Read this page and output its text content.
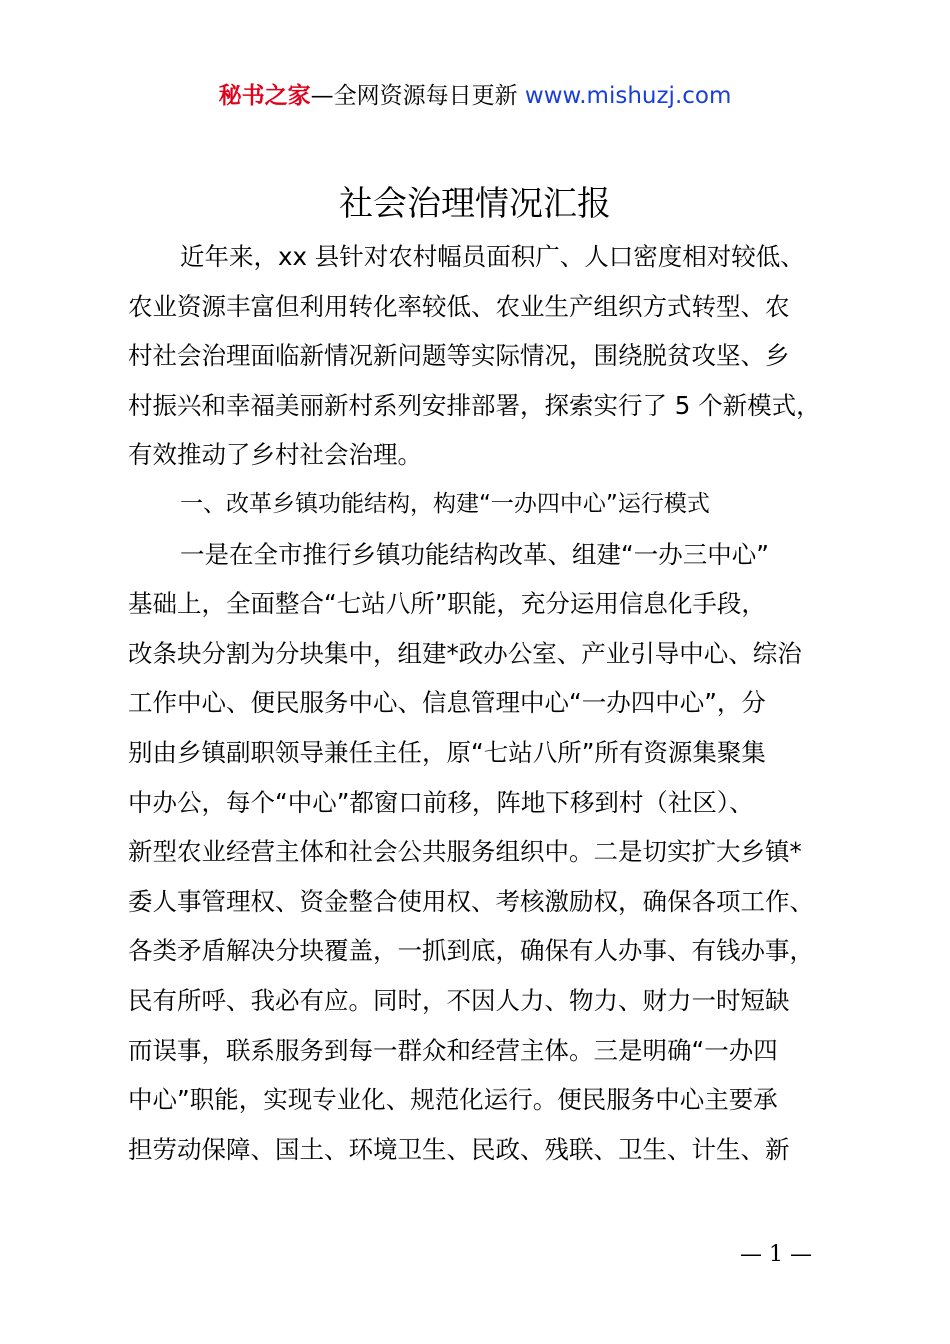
秘书之家—全网资源每日更新 www.mishuzj.com
社会治理情况汇报
近年来，xx 县针对农村幅员面积广、人口密度相对较低、
农业资源丰富但利用转化率较低、农业生产组织方式转型、农
村社会治理面临新情况新问题等实际情况，围绕脱贫攻坚、乡
村振兴和幸福美丽新村系列安排部署，探索实行了 5 个新模式，
有效推动了乡村社会治理。
一、改革乡镇功能结构，构建“一办四中心”运行模式
一是在全市推行乡镇功能结构改革、组建“一办三中心”
基础上，全面整合“七站八所”职能，充分运用信息化手段，
改条块分割为分块集中，组建*政办公室、产业引导中心、综治
工作中心、便民服务中心、信息管理中心“一办四中心”，分
别由乡镇副职领导兼任主任，原“七站八所”所有资源集聚集
中办公，每个“中心”都窗口前移，阵地下移到村（社区）、
新型农业经营主体和社会公共服务组织中。二是切实扩大乡镇*
委人事管理权、资金整合使用权、考核激励权，确保各项工作、
各类矛盾解决分块覆盖，一抓到底，确保有人办事、有钱办事，
民有所呼、我必有应。同时，不因人力、物力、财力一时短缺
而误事，联系服务到每一群众和经营主体。三是明确“一办四
中心”职能，实现专业化、规范化运行。便民服务中心主要承
担劳动保障、国土、环境卫生、民政、残联、卫生、计生、新
— 1 —
